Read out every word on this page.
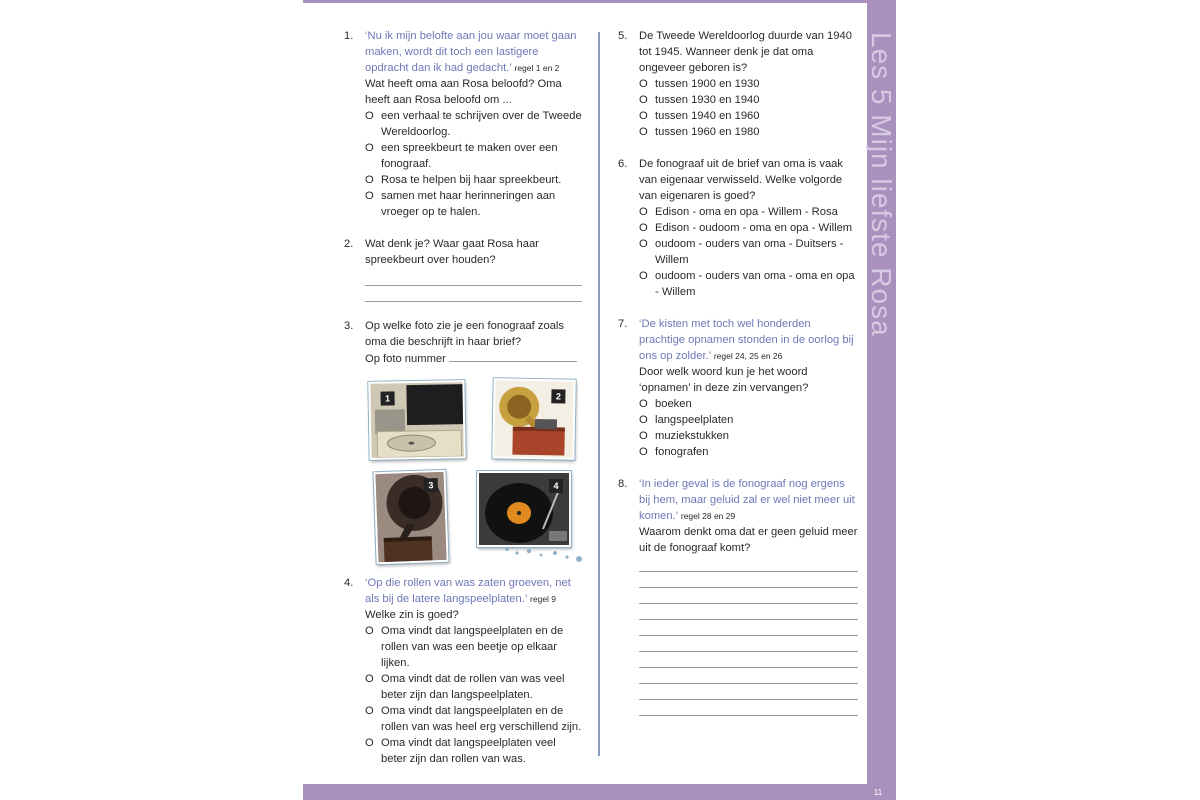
Les 5 Mijn liefste Rosa
11
1. ‘Nu ik mijn belofte aan jou waar moet gaan maken, wordt dit toch een lastigere opdracht dan ik had gedacht.’ regel 1 en 2

Wat heeft oma aan Rosa beloofd? Oma heeft aan Rosa beloofd om ...

O een verhaal te schrijven over de Tweede Wereldoorlog.
O een spreekbeurt te maken over een fonograaf.
O Rosa te helpen bij haar spreekbeurt.
O samen met haar herinneringen aan vroeger op te halen.
2. Wat denk je? Waar gaat Rosa haar spreekbeurt over houden?

3. Op welke foto zie je een fonograaf zoals oma die beschrijft in haar brief?

Op foto nummer

1	2
3	4
4. ‘Op die rollen van was zaten groeven, net als bij de latere langspeelplaten.’ regel 9

Welke zin is goed?

O Oma vindt dat langspeelplaten en de rollen van was een beetje op elkaar lijken.
O Oma vindt dat de rollen van was veel beter zijn dan langspeelplaten.
O Oma vindt dat langspeelplaten en de rollen van was heel erg verschillend zijn.
O Oma vindt dat langspeelplaten veel beter zijn dan rollen van was.
5. De Tweede Wereldoorlog duurde van 1940 tot 1945. Wanneer denk je dat oma ongeveer geboren is?

O tussen 1900 en 1930
O tussen 1930 en 1940
O tussen 1940 en 1960
O tussen 1960 en 1980
6. De fonograaf uit de brief van oma is vaak van eigenaar verwisseld. Welke volgorde van eigenaren is goed?

O Edison - oma en opa - Willem - Rosa
O Edison - oudoom - oma en opa - Willem
O oudoom - ouders van oma - Duitsers - Willem
O oudoom - ouders van oma - oma en opa - Willem
7. ‘De kisten met toch wel honderden prachtige opnamen stonden in de oorlog bij ons op zolder.’ regel 24, 25 en 26

Door welk woord kun je het woord ‘opnamen’ in deze zin vervangen?

O boeken
O langspeelplaten
O muziekstukken
O fonografen
8. ‘In ieder geval is de fonograaf nog ergens bij hem, maar geluid zal er wel niet meer uit komen.’ regel 28 en 29

Waarom denkt oma dat er geen geluid meer uit de fonograaf komt?
